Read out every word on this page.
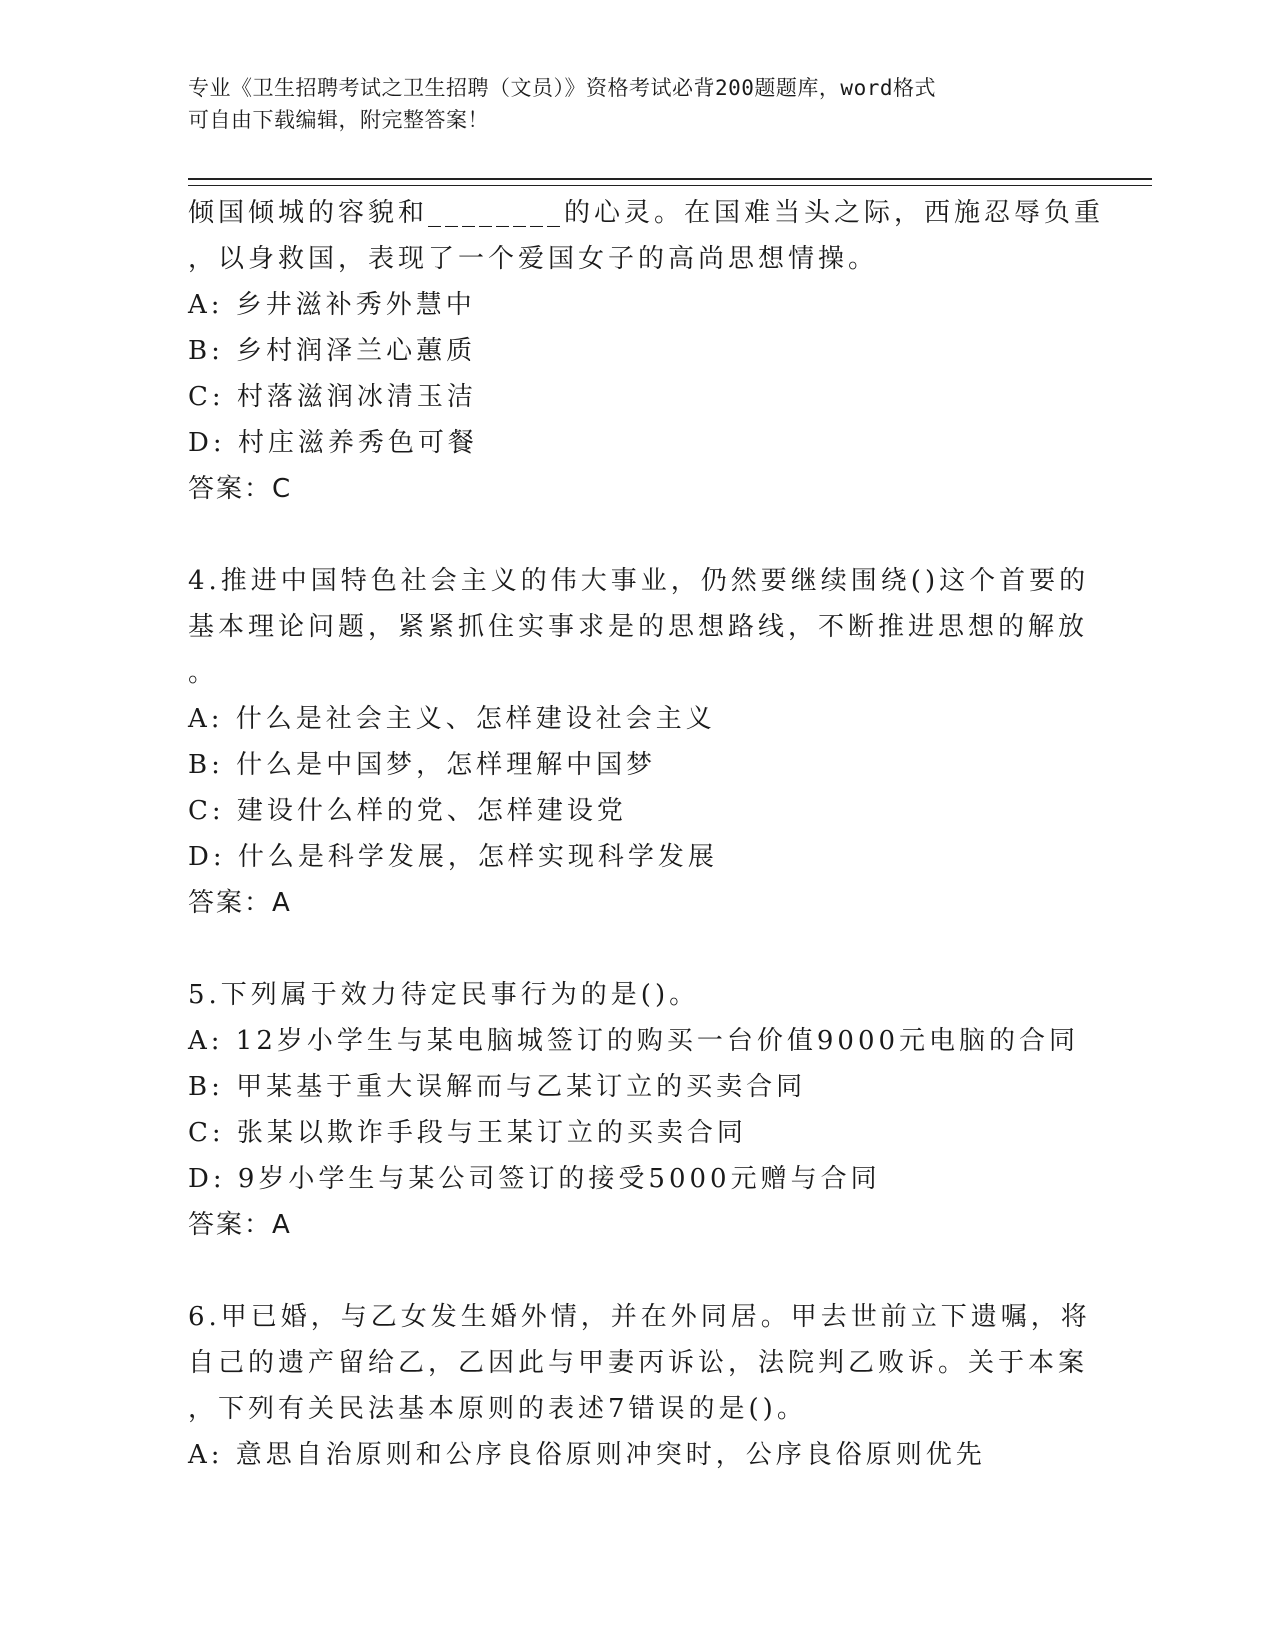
专业《卫生招聘考试之卫生招聘（文员）》资格考试必背200题题库，word格式
可自由下载编辑，附完整答案！
倾国倾城的容貌和________的心灵。在国难当头之际，西施忍辱负重
，以身救国，表现了一个爱国女子的高尚思想情操。
A: 乡井滋补秀外慧中
B: 乡村润泽兰心蕙质
C: 村落滋润冰清玉洁
D: 村庄滋养秀色可餐
答案：C
4.推进中国特色社会主义的伟大事业，仍然要继续围绕()这个首要的
基本理论问题，紧紧抓住实事求是的思想路线，不断推进思想的解放
。
A: 什么是社会主义、怎样建设社会主义
B: 什么是中国梦，怎样理解中国梦
C: 建设什么样的党、怎样建设党
D: 什么是科学发展，怎样实现科学发展
答案：A
5.下列属于效力待定民事行为的是()。
A: 12岁小学生与某电脑城签订的购买一台价值9000元电脑的合同
B: 甲某基于重大误解而与乙某订立的买卖合同
C: 张某以欺诈手段与王某订立的买卖合同
D: 9岁小学生与某公司签订的接受5000元赠与合同
答案：A
6.甲已婚，与乙女发生婚外情，并在外同居。甲去世前立下遗嘱，将
自己的遗产留给乙，乙因此与甲妻丙诉讼，法院判乙败诉。关于本案
，下列有关民法基本原则的表述7错误的是()。
A: 意思自治原则和公序良俗原则冲突时，公序良俗原则优先
